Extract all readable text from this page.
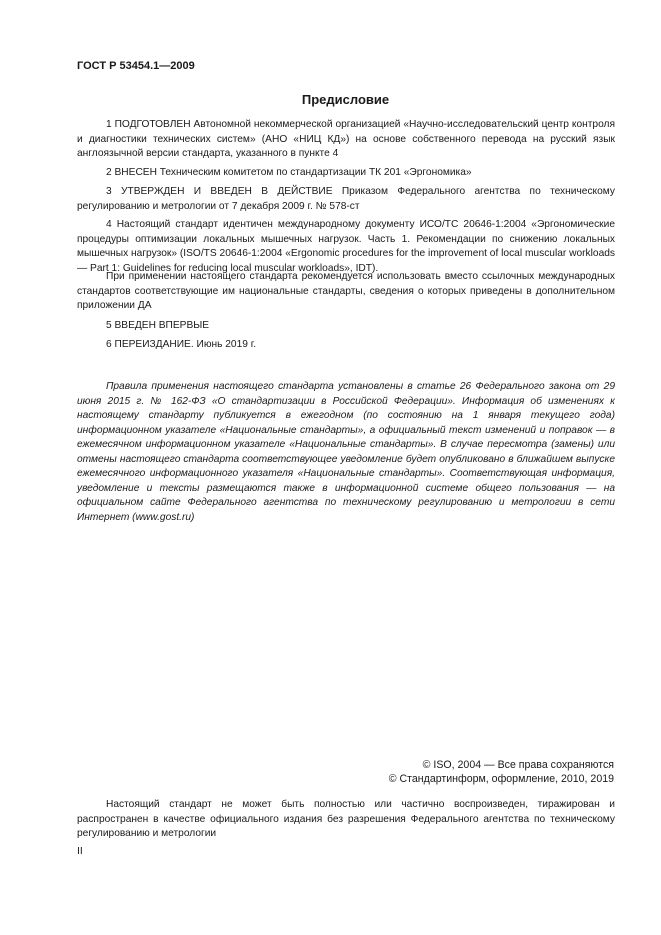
ГОСТ Р 53454.1—2009
Предисловие
1 ПОДГОТОВЛЕН Автономной некоммерческой организацией «Научно-исследовательский центр контроля и диагностики технических систем» (АНО «НИЦ КД») на основе собственного перевода на русский язык англоязычной версии стандарта, указанного в пункте 4
2 ВНЕСЕН Техническим комитетом по стандартизации ТК 201 «Эргономика»
3 УТВЕРЖДЕН И ВВЕДЕН В ДЕЙСТВИЕ Приказом Федерального агентства по техническому регулированию и метрологии от 7 декабря 2009 г. № 578-ст
4 Настоящий стандарт идентичен международному документу ИСО/ТС 20646-1:2004 «Эргономические процедуры оптимизации локальных мышечных нагрузок. Часть 1. Рекомендации по снижению локальных мышечных нагрузок» (ISO/TS 20646-1:2004 «Ergonomic procedures for the improvement of local muscular workloads — Part 1: Guidelines for reducing local muscular workloads», IDT).
При применении настоящего стандарта рекомендуется использовать вместо ссылочных международных стандартов соответствующие им национальные стандарты, сведения о которых приведены в дополнительном приложении ДА
5 ВВЕДЕН ВПЕРВЫЕ
6 ПЕРЕИЗДАНИЕ. Июнь 2019 г.
Правила применения настоящего стандарта установлены в статье 26 Федерального закона от 29 июня 2015 г. № 162-ФЗ «О стандартизации в Российской Федерации». Информация об изменениях к настоящему стандарту публикуется в ежегодном (по состоянию на 1 января текущего года) информационном указателе «Национальные стандарты», а официальный текст изменений и поправок — в ежемесячном информационном указателе «Национальные стандарты». В случае пересмотра (замены) или отмены настоящего стандарта соответствующее уведомление будет опубликовано в ближайшем выпуске ежемесячного информационного указателя «Национальные стандарты». Соответствующая информация, уведомление и тексты размещаются также в информационной системе общего пользования — на официальном сайте Федерального агентства по техническому регулированию и метрологии в сети Интернет (www.gost.ru)
© ISO, 2004 — Все права сохраняются
© Стандартинформ, оформление, 2010, 2019
Настоящий стандарт не может быть полностью или частично воспроизведен, тиражирован и распространен в качестве официального издания без разрешения Федерального агентства по техническому регулированию и метрологии
II
